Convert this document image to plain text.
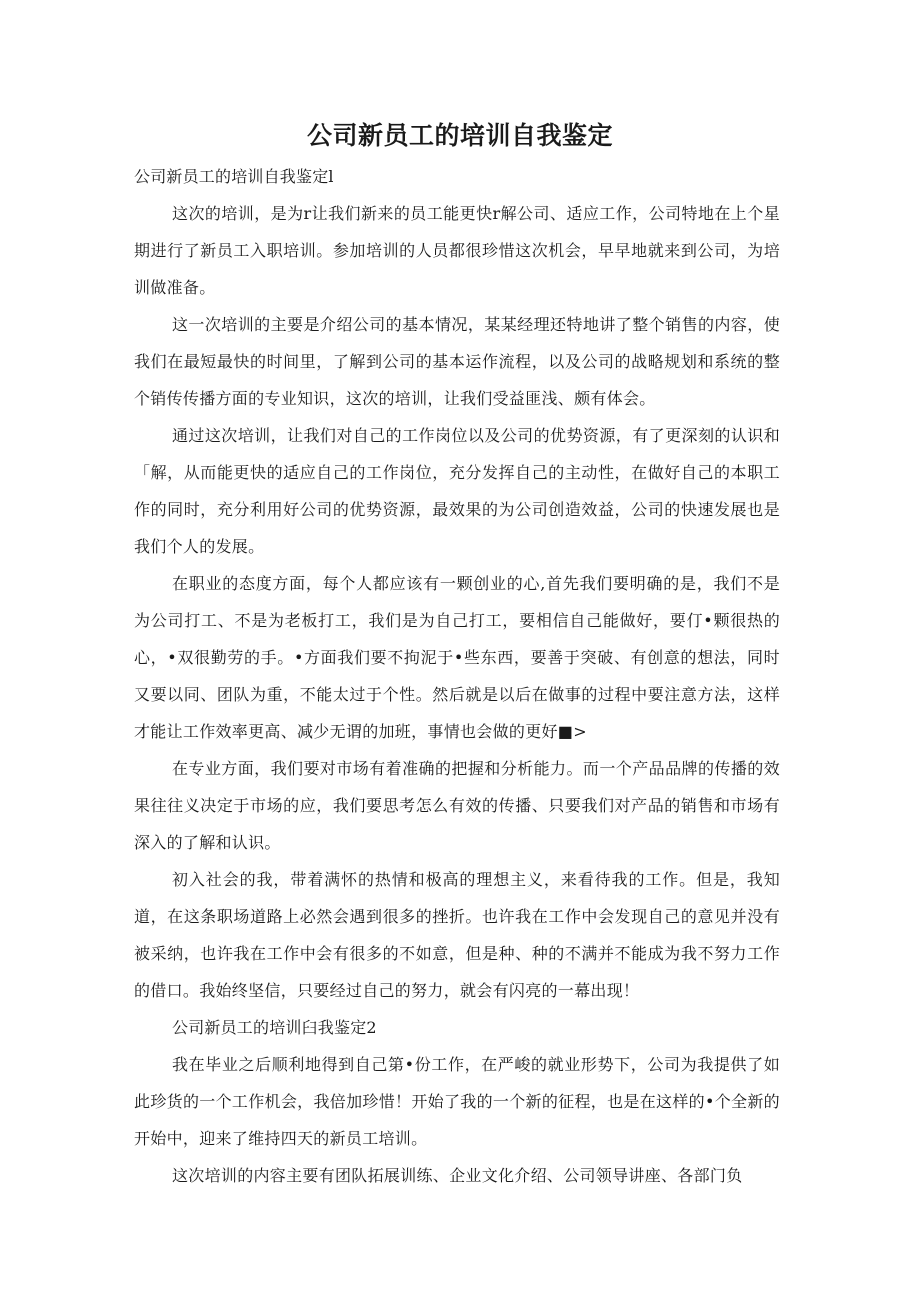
公司新员工的培训自我鉴定

公司新员工的培训自我鉴定l

这次的培训，是为r让我们新来的员工能更快r解公司、适应工作，公司特地在上个星期进行了新员工入职培训。参加培训的人员都很珍惜这次机会，早早地就来到公司，为培训做准备。

这一次培训的主要是介绍公司的基本情况，某某经理还特地讲了整个销售的内容，使我们在最短最快的时间里，了解到公司的基本运作流程，以及公司的战略规划和系统的整个销传传播方面的专业知识，这次的培训，让我们受益匪浅、颇有体会。

通过这次培训，让我们对自己的工作岗位以及公司的优势资源，有了更深刻的认识和「解，从而能更快的适应自己的工作岗位，充分发挥自己的主动性，在做好自己的本职工作的同时，充分利用好公司的优势资源，最效果的为公司创造效益，公司的快速发展也是我们个人的发展。

在职业的态度方面，每个人都应该有一颗创业的心,首先我们要明确的是，我们不是为公司打工、不是为老板打工，我们是为自己打工，要相信自己能做好，要仃•颗很热的心，•双很勤劳的手。•方面我们要不拘泥于•些东西，要善于突破、有创意的想法，同时又要以同、团队为重，不能太过于个性。然后就是以后在做事的过程中要注意方法，这样才能让工作效率更高、减少无谓的加班，事情也会做的更好■>

在专业方面，我们要对市场有着准确的把握和分析能力。而一个产品品牌的传播的效果往往义决定于市场的应，我们要思考怎么有效的传播、只要我们对产品的销售和市场有深入的了解和认识。

初入社会的我，带着满怀的热情和极高的理想主义，来看待我的工作。但是，我知道，在这条职场道路上必然会遇到很多的挫折。也许我在工作中会发现自己的意见并没有被采纳，也许我在工作中会有很多的不如意，但是种、种的不满并不能成为我不努力工作的借口。我始终坚信，只要经过自己的努力，就会有闪亮的一幕出现！

公司新员工的培训臼我鉴定2

我在毕业之后顺利地得到自己第•份工作，在严峻的就业形势下，公司为我提供了如此珍货的一个工作机会，我倍加珍惜！开始了我的一个新的征程，也是在这样的•个全新的开始中，迎来了维持四天的新员工培训。

这次培训的内容主要有团队拓展训练、企业文化介绍、公司领导讲座、各部门负
